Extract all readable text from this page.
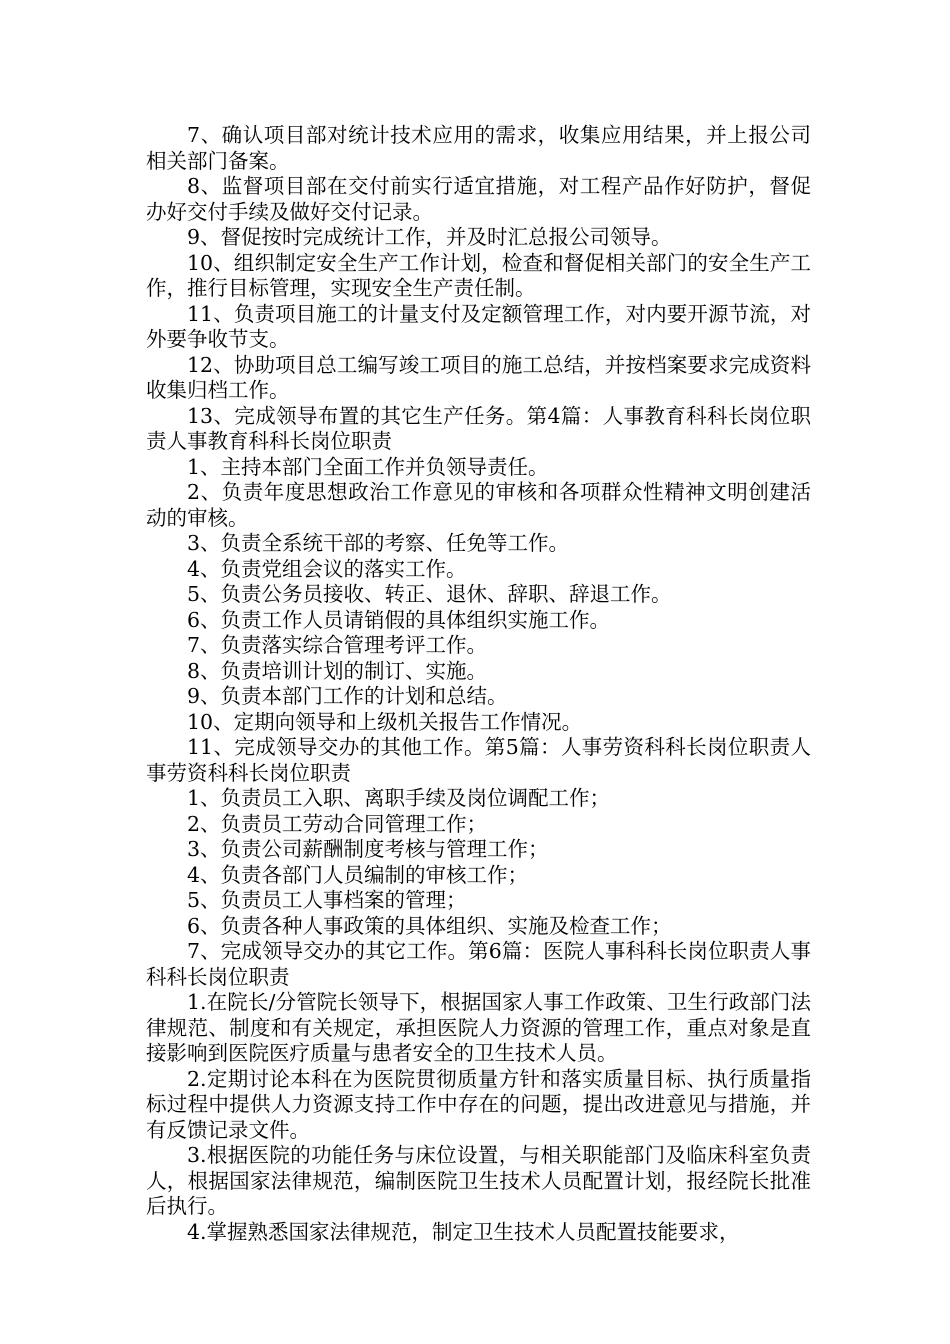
7、确认项目部对统计技术应用的需求，收集应用结果，并上报公司相关部门备案。

8、监督项目部在交付前实行适宜措施，对工程产品作好防护，督促办好交付手续及做好交付记录。

9、督促按时完成统计工作，并及时汇总报公司领导。

10、组织制定安全生产工作计划，检查和督促相关部门的安全生产工作，推行目标管理，实现安全生产责任制。

11、负责项目施工的计量支付及定额管理工作，对内要开源节流，对外要争收节支。

12、协助项目总工编写竣工项目的施工总结，并按档案要求完成资料收集归档工作。

13、完成领导布置的其它生产任务。第4篇：人事教育科科长岗位职责人事教育科科长岗位职责

1、主持本部门全面工作并负领导责任。

2、负责年度思想政治工作意见的审核和各项群众性精神文明创建活动的审核。

3、负责全系统干部的考察、任免等工作。

4、负责党组会议的落实工作。

5、负责公务员接收、转正、退休、辞职、辞退工作。

6、负责工作人员请销假的具体组织实施工作。

7、负责落实综合管理考评工作。

8、负责培训计划的制订、实施。

9、负责本部门工作的计划和总结。

10、定期向领导和上级机关报告工作情况。

11、完成领导交办的其他工作。第5篇：人事劳资科科长岗位职责人事劳资科科长岗位职责

1、负责员工入职、离职手续及岗位调配工作；

2、负责员工劳动合同管理工作；

3、负责公司薪酬制度考核与管理工作；

4、负责各部门人员编制的审核工作；

5、负责员工人事档案的管理；

6、负责各种人事政策的具体组织、实施及检查工作；

7、完成领导交办的其它工作。第6篇：医院人事科科长岗位职责人事科科长岗位职责

1.在院长/分管院长领导下，根据国家人事工作政策、卫生行政部门法律规范、制度和有关规定，承担医院人力资源的管理工作，重点对象是直接影响到医院医疗质量与患者安全的卫生技术人员。

2.定期讨论本科在为医院贯彻质量方针和落实质量目标、执行质量指标过程中提供人力资源支持工作中存在的问题，提出改进意见与措施，并有反馈记录文件。

3.根据医院的功能任务与床位设置，与相关职能部门及临床科室负责人，根据国家法律规范，编制医院卫生技术人员配置计划，报经院长批准后执行。

4.掌握熟悉国家法律规范，制定卫生技术人员配置技能要求，
